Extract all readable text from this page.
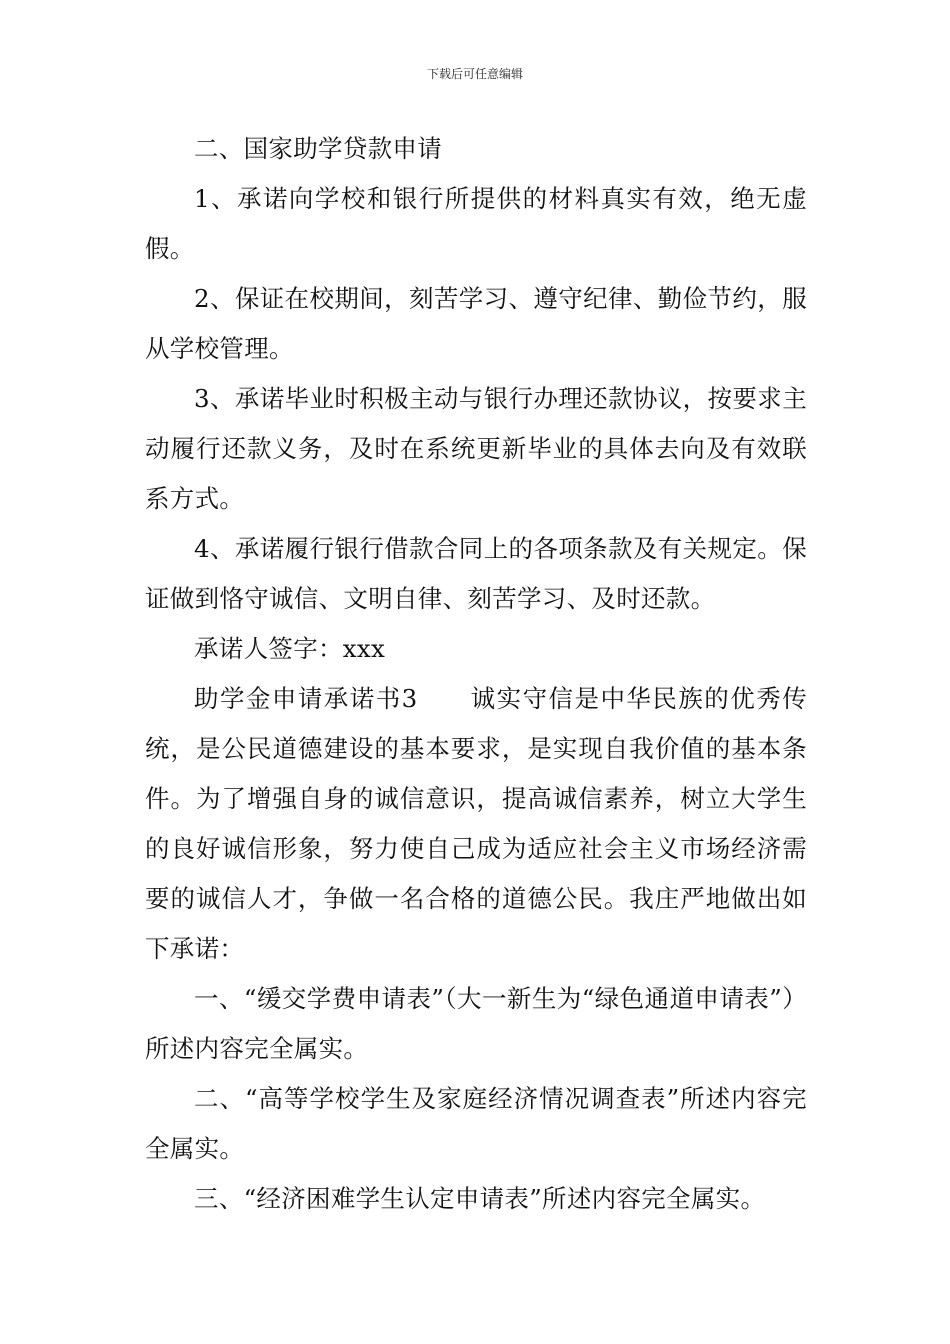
下载后可任意编辑

二、国家助学贷款申请

1、承诺向学校和银行所提供的材料真实有效，绝无虚假。

2、保证在校期间，刻苦学习、遵守纪律、勤俭节约，服从学校管理。

3、承诺毕业时积极主动与银行办理还款协议，按要求主动履行还款义务，及时在系统更新毕业的具体去向及有效联系方式。

4、承诺履行银行借款合同上的各项条款及有关规定。保证做到恪守诚信、文明自律、刻苦学习、及时还款。

承诺人签字：xxx

助学金申请承诺书3　　诚实守信是中华民族的优秀传统，是公民道德建设的基本要求，是实现自我价值的基本条件。为了增强自身的诚信意识，提高诚信素养，树立大学生的良好诚信形象，努力使自己成为适应社会主义市场经济需要的诚信人才，争做一名合格的道德公民。我庄严地做出如下承诺：

一、“缓交学费申请表”（大一新生为“绿色通道申请表”）所述内容完全属实。

二、“高等学校学生及家庭经济情况调查表”所述内容完全属实。

三、“经济困难学生认定申请表”所述内容完全属实。
